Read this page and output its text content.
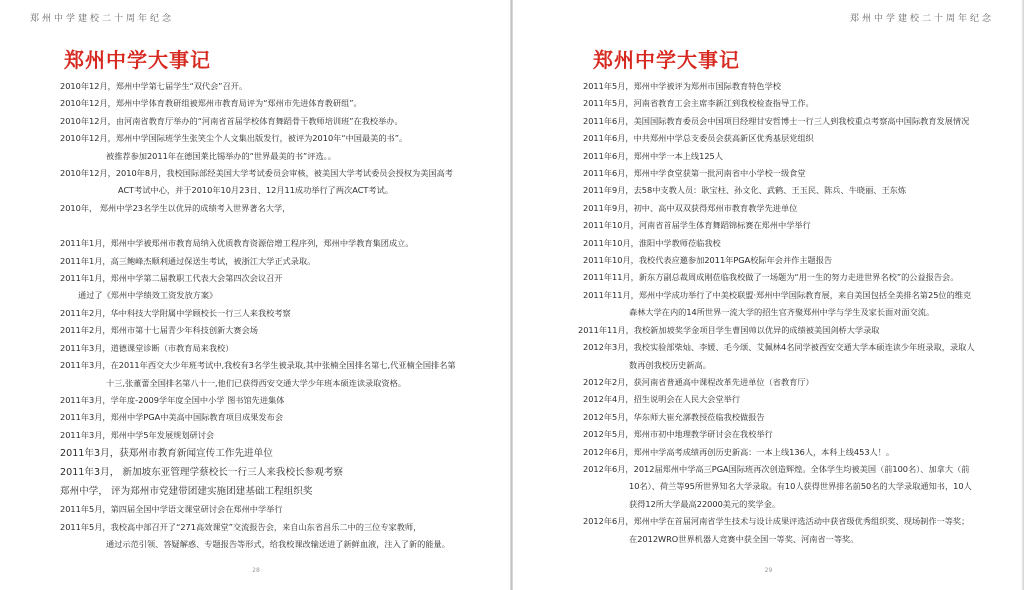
郑州中学建校二十周年纪念
郑州中学大事记
2010年12月，郑州中学第七届学生“双代会”召开。
2010年12月，郑州中学体育教研组被郑州市教育局评为“郑州市先进体育教研组”。
2010年12月，由河南省教育厅举办的“河南省首届学校体育舞蹈骨干教师培训班”在我校举办。
2010年12月，郑州中学国际班学生张笑尘个人文集出版发行，被评为2010年“中国最美的书”。
被推荐参加2011年在德国莱比锡举办的“世界最美的书”评选。。
2010年12月，2010年8月，我校国际部经美国大学考试委员会审核，被美国大学考试委员会授权为美国高考
ACT考试中心，并于2010年10月23日、12月11成功举行了两次ACT考试。
2010年， 郑州中学23名学生以优异的成绩考入世界著名大学，
2011年1月，郑州中学被郑州市教育局纳入优质教育资源倍增工程序列，郑州中学教育集团成立。
2011年1月，高三鲍峰杰顺利通过保送生考试，被浙江大学正式录取。
2011年1月，郑州中学第二届教职工代表大会第四次会议召开
通过了《郑州中学绩效工资发放方案》
2011年2月，华中科技大学附属中学顾校长一行三人来我校考察
2011年2月，郑州市第十七届青少年科技创新大赛会场
2011年3月，道德课堂诊断（市教育局来我校）
2011年3月，在2011年西交大少年班考试中,我校有3名学生被录取,其中张楠全国排名第七,代亚楠全国排名第
十三,张董蕾全国排名第八十一,他们已获得西安交通大学少年班本硕连读录取资格。
2011年3月，学年度-2009学年度全国中小学 图书馆先进集体
2011年3月，郑州中学PGA中美高中国际教育项目成果发布会
2011年3月，郑州中学5年发展规划研讨会
2011年3月，获郑州市教育新闻宣传工作先进单位
2011年3月， 新加坡东亚管理学蔡校长一行三人来我校长参观考察
郑州中学， 评为郑州市党建带团建实施团建基础工程组织奖
2011年5月，第四届全国中学语文课堂研讨会在郑州中学举行
2011年5月，我校高中部召开了“271高效课堂”交流报告会，来自山东省昌乐二中的三位专家教师，
通过示范引领、答疑解惑、专题报告等形式，给我校课改输送进了新鲜血液，注入了新的能量。
28
郑州中学建校二十周年纪念
郑州中学大事记
2011年5月，郑州中学被评为郑州市国际教育特色学校
2011年5月，河南省教育工会主席李新江到我校检查指导工作。
2011年6月，美国国际教育委员会中国项目经理甘安哲博士一行三人到我校重点考察高中国际教育发展情况
2011年6月，中共郑州中学总支委员会获高新区优秀基层党组织
2011年6月，郑州中学一本上线125人
2011年6月，郑州中学食堂获第一批河南省中小学校一级食堂
2011年9月，去58中支教人员：耿宝柱、孙文化、武鹤、王玉民、陈兵、牛晓丽、王东炼
2011年9月，初中、高中双双获得郑州市教育教学先进单位
2011年10月，河南省首届学生体育舞蹈锦标赛在郑州中学举行
2011年10月，淮阳中学教师莅临我校
2011年10月，我校代表应邀参加2011年PGA校际年会并作主题报告
2011年11月，新东方副总裁周成刚莅临我校做了一场题为“用一生的努力走进世界名校”的公益报告会。
2011年11月，郑州中学成功举行了中美校联盟·郑州中学国际教育展，来自美国包括全美排名第25位的维克
森林大学在内的14所世界一流大学的招生官齐聚郑州中学与学生及家长面对面交流。
2011年11月，我校新加坡奖学金项目学生曹国帅以优异的成绩被美国剑桥大学录取
2012年3月，我校实验部柴灿、李媛、毛今颂、艾佩林4名同学被西安交通大学本硕连读少年班录取，录取人
数再创我校历史新高。
2012年2月，获河南省普通高中课程改革先进单位（省教育厅）
2012年4月，招生说明会在人民大会堂举行
2012年5月，华东师大崔允漷教授莅临我校做报告
2012年5月，郑州市初中地理教学研讨会在我校举行
2012年6月，郑州中学高考成绩再创历史新高：一本上线136人，本科上线453人！。
2012年6月，2012届郑州中学高三PGA国际班再次创造辉煌。全体学生均被美国（前100名）、加拿大（前
10名）、荷兰等95所世界知名大学录取。有10人获得世界排名前50名的大学录取通知书，10人
获得12所大学最高22000美元的奖学金。
2012年6月，郑州中学在首届河南省学生技术与设计成果评选活动中获省级优秀组织奖、现场制作一等奖；
在2012WRO世界机器人竞赛中获全国一等奖、河南省一等奖。
29
